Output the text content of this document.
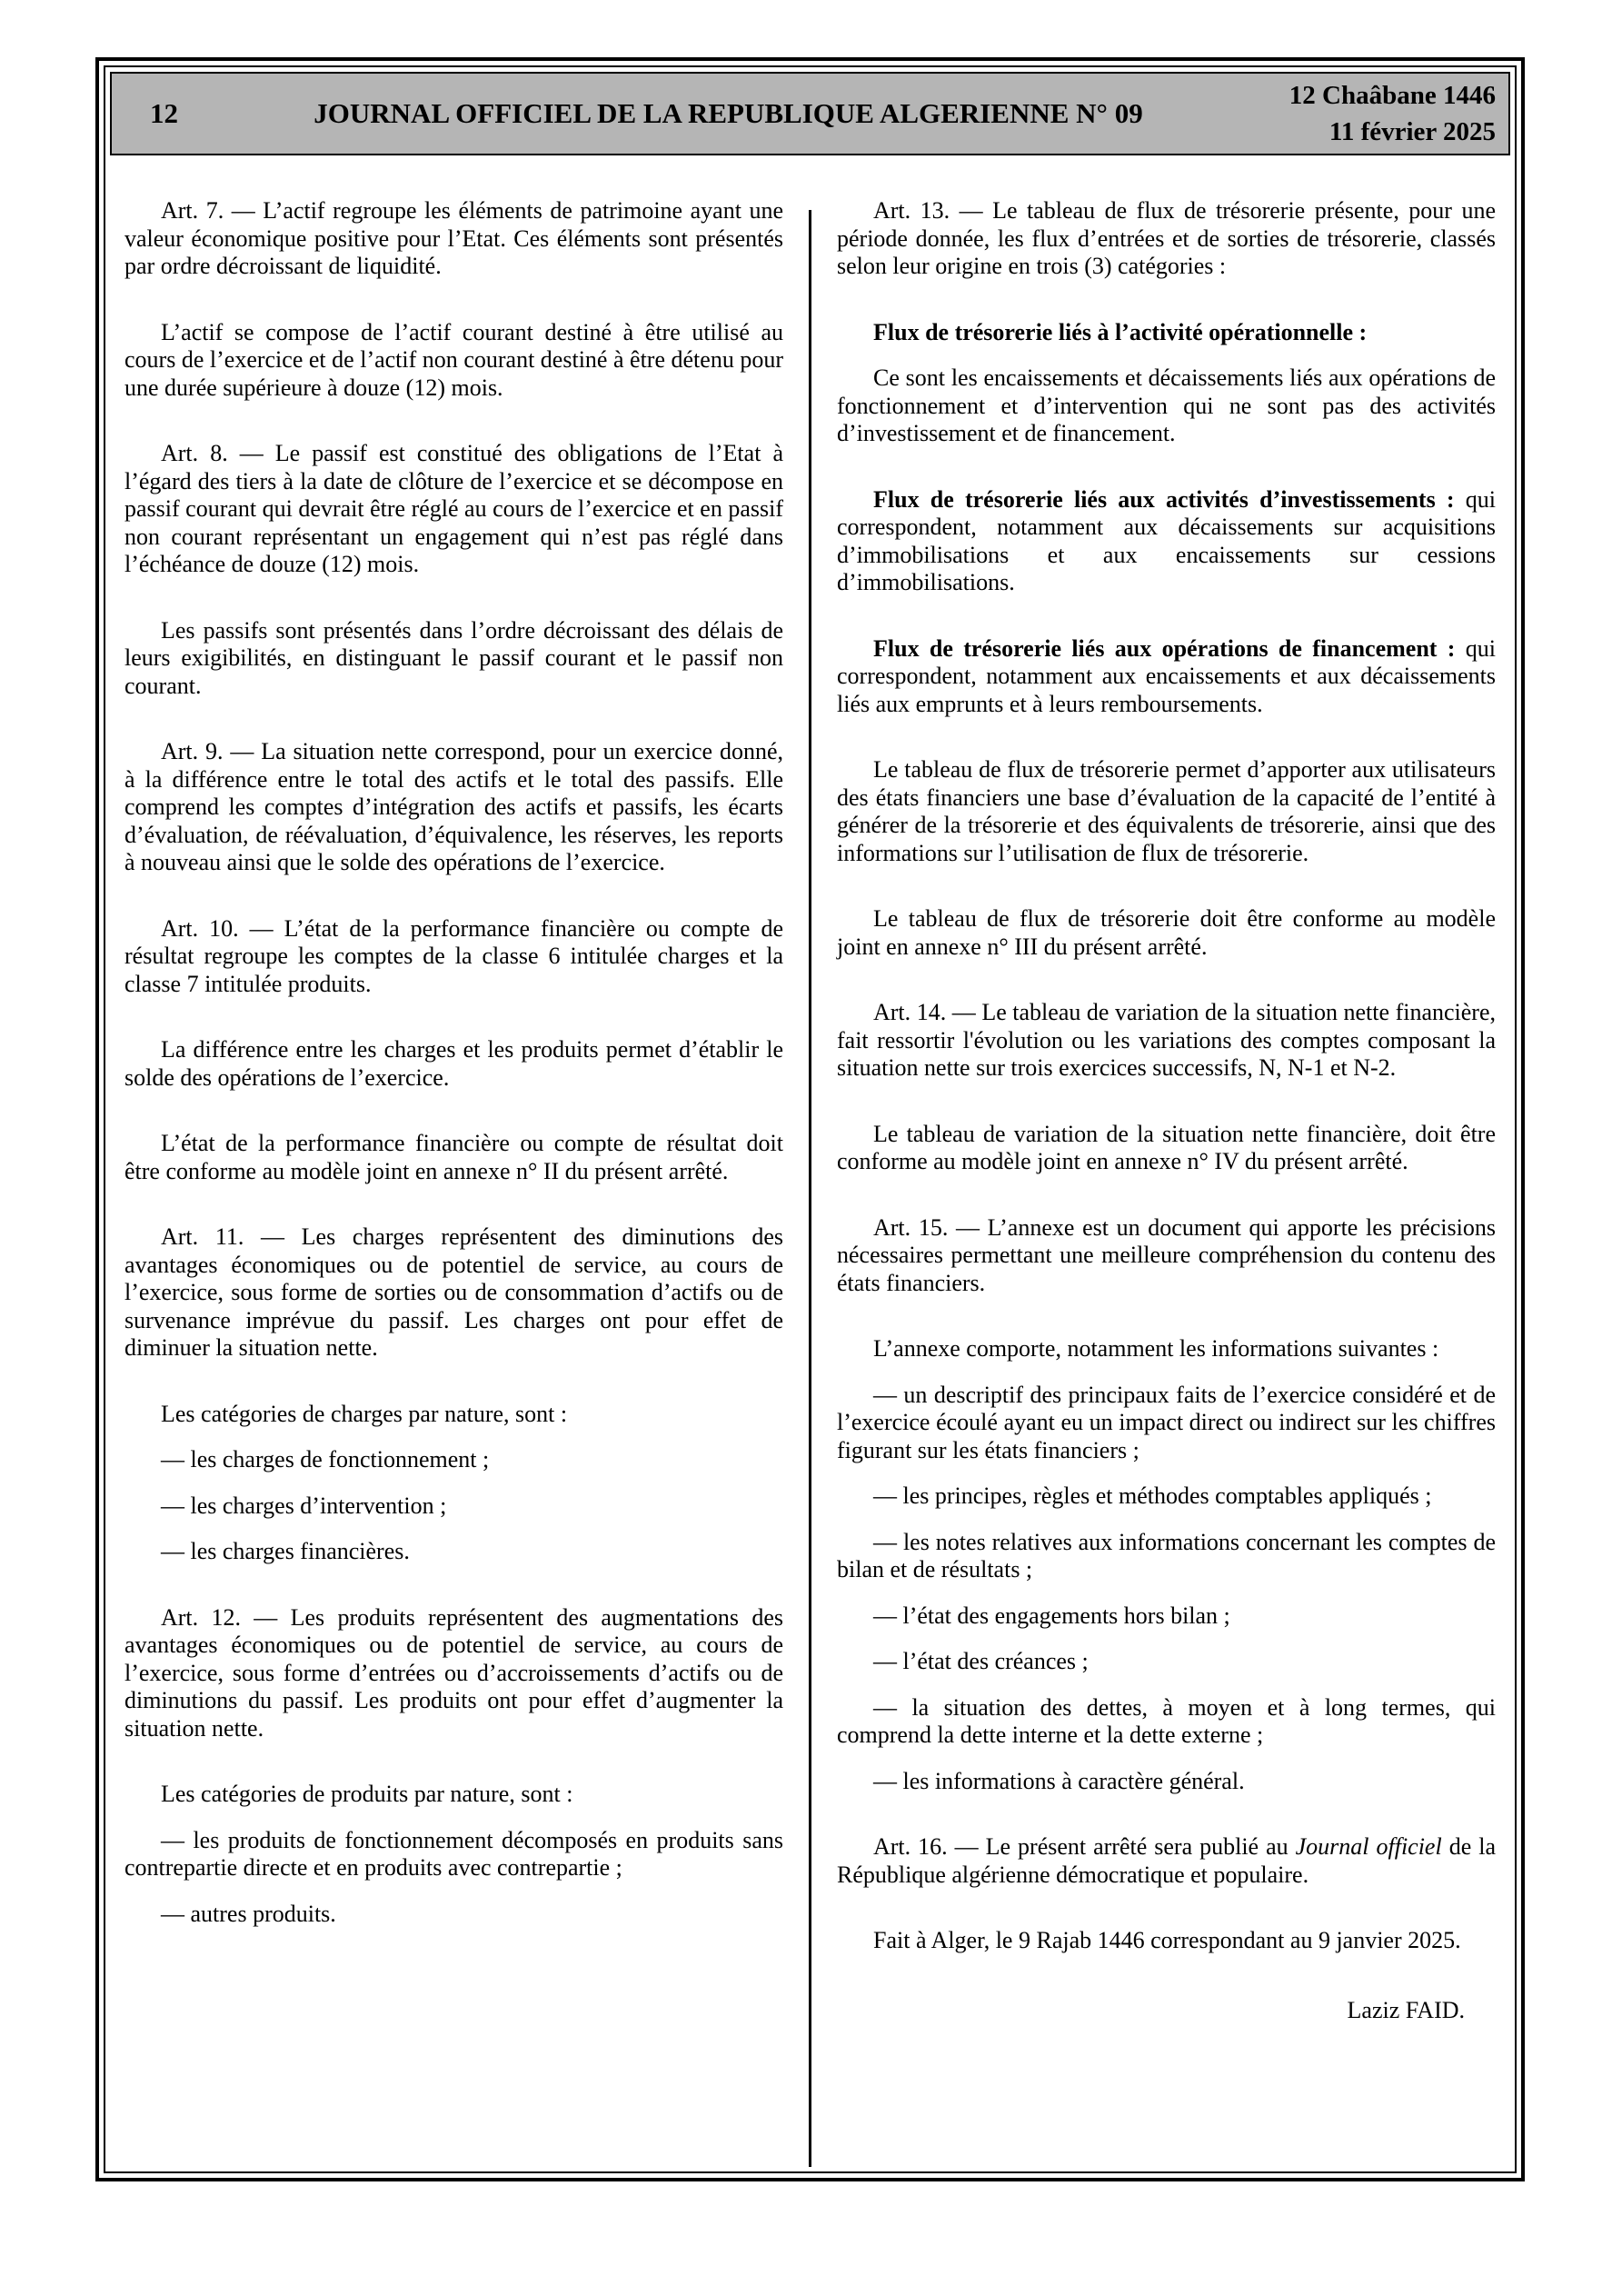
12	JOURNAL OFFICIEL DE LA REPUBLIQUE ALGERIENNE N° 09
12 Chaâbane 1446
11 février 2025

Art. 7. — L’actif regroupe les éléments de patrimoine ayant une valeur économique positive pour l’Etat. Ces éléments sont présentés par ordre décroissant de liquidité.

L’actif se compose de l’actif courant destiné à être utilisé au cours de l’exercice et de l’actif non courant destiné à être détenu pour une durée supérieure à douze (12) mois.

Art. 8. — Le passif est constitué des obligations de l’Etat à l’égard des tiers à la date de clôture de l’exercice et se décompose en passif courant qui devrait être réglé au cours de l’exercice et en passif non courant représentant un engagement qui n’est pas réglé dans l’échéance de douze (12) mois.

Les passifs sont présentés dans l’ordre décroissant des délais de leurs exigibilités, en distinguant le passif courant et le passif non courant.

Art. 9. — La situation nette correspond, pour un exercice donné, à la différence entre le total des actifs et le total des passifs. Elle comprend les comptes d’intégration des actifs et passifs, les écarts d’évaluation, de réévaluation, d’équivalence, les réserves, les reports à nouveau ainsi que le solde des opérations de l’exercice.

Art. 10. — L’état de la performance financière ou compte de résultat regroupe les comptes de la classe 6 intitulée charges et la classe 7 intitulée produits.

La différence entre les charges et les produits permet d’établir le solde des opérations de l’exercice.

L’état de la performance financière ou compte de résultat doit être conforme au modèle joint en annexe n° II du présent arrêté.

Art. 11. — Les charges représentent des diminutions des avantages économiques ou de potentiel de service, au cours de l’exercice, sous forme de sorties ou de consommation d’actifs ou de survenance imprévue du passif. Les charges ont pour effet de diminuer la situation nette.

Les catégories de charges par nature, sont :

— les charges de fonctionnement ;

— les charges d’intervention ;

— les charges financières.

Art. 12. — Les produits représentent des augmentations des avantages économiques ou de potentiel de service, au cours de l’exercice, sous forme d’entrées ou d’accroissements d’actifs ou de diminutions du passif. Les produits ont pour effet d’augmenter la situation nette.

Les catégories de produits par nature, sont :

— les produits de fonctionnement décomposés en produits sans contrepartie directe et en produits avec contrepartie ;

— autres produits.

Art. 13. — Le tableau de flux de trésorerie présente, pour une période donnée, les flux d’entrées et de sorties de trésorerie, classés selon leur origine en trois (3) catégories :

Flux de trésorerie liés à l’activité opérationnelle :

Ce sont les encaissements et décaissements liés aux opérations de fonctionnement et d’intervention qui ne sont pas des activités d’investissement et de financement.

Flux de trésorerie liés aux activités d’investissements : qui correspondent, notamment aux décaissements sur acquisitions d’immobilisations et aux encaissements sur cessions d’immobilisations.

Flux de trésorerie liés aux opérations de financement : qui correspondent, notamment aux encaissements et aux décaissements liés aux emprunts et à leurs remboursements.

Le tableau de flux de trésorerie permet d’apporter aux utilisateurs des états financiers une base d’évaluation de la capacité de l’entité à générer de la trésorerie et des équivalents de trésorerie, ainsi que des informations sur l’utilisation de flux de trésorerie.

Le tableau de flux de trésorerie doit être conforme au modèle joint en annexe n° III du présent arrêté.

Art. 14. — Le tableau de variation de la situation nette financière, fait ressortir l'évolution ou les variations des comptes composant la situation nette sur trois exercices successifs, N, N-1 et N-2.

Le tableau de variation de la situation nette financière, doit être conforme au modèle joint en annexe n° IV du présent arrêté.

Art. 15. — L’annexe est un document qui apporte les précisions nécessaires permettant une meilleure compréhension du contenu des états financiers.

L’annexe comporte, notamment les informations suivantes :

— un descriptif des principaux faits de l’exercice considéré et de l’exercice écoulé ayant eu un impact direct ou indirect sur les chiffres figurant sur les états financiers ;

— les principes, règles et méthodes comptables appliqués ;

— les notes relatives aux informations concernant les comptes de bilan et de résultats ;

— l’état des engagements hors bilan ;

— l’état des créances ;

— la situation des dettes, à moyen et à long termes, qui comprend la dette interne et la dette externe ;

— les informations à caractère général.

Art. 16. — Le présent arrêté sera publié au Journal officiel de la République algérienne démocratique et populaire.

Fait à Alger, le 9 Rajab 1446 correspondant au 9 janvier 2025.

Laziz FAID.
